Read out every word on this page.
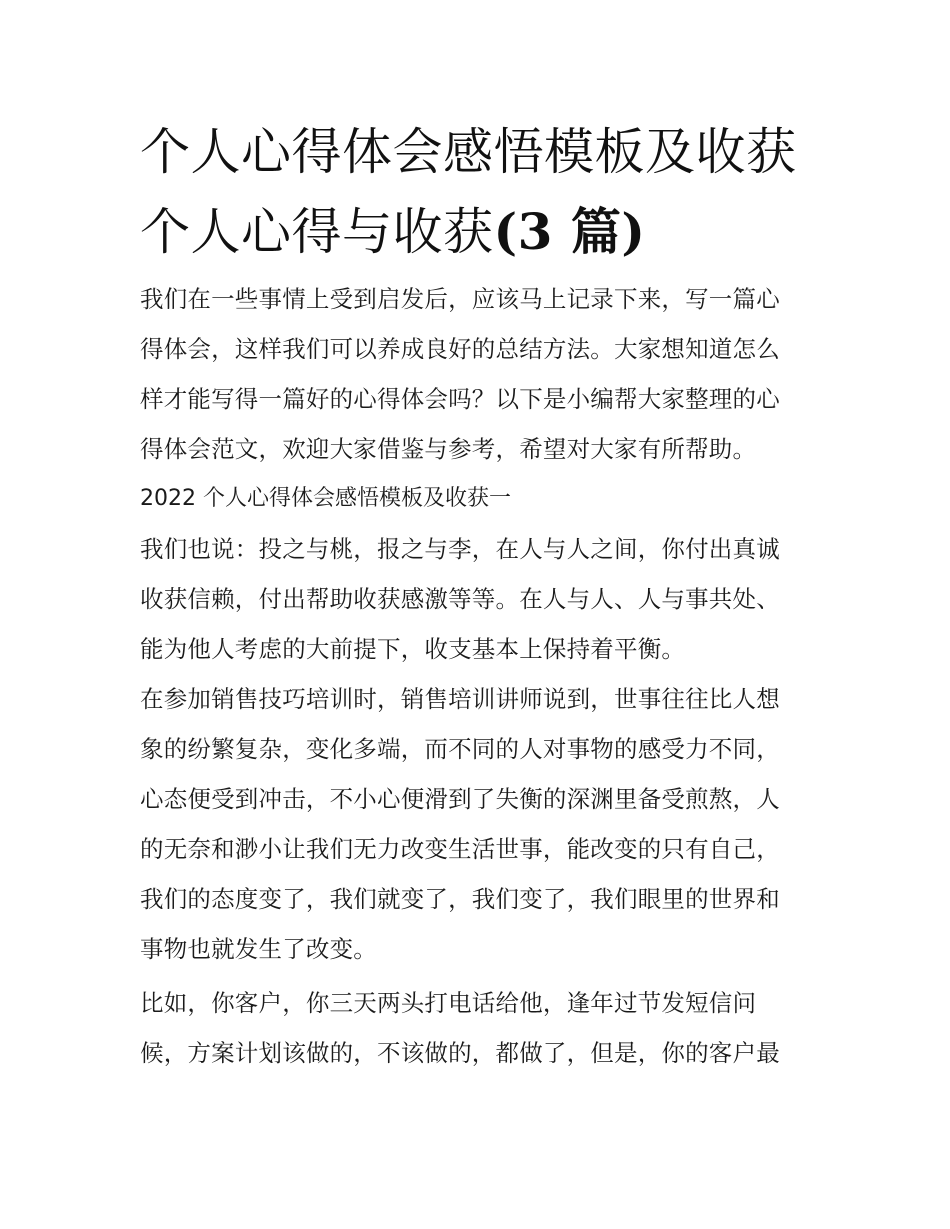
个人心得体会感悟模板及收获
个人心得与收获(3 篇)

我们在一些事情上受到启发后，应该马上记录下来，写一篇心
得体会，这样我们可以养成良好的总结方法。大家想知道怎么
样才能写得一篇好的心得体会吗？以下是小编帮大家整理的心
得体会范文，欢迎大家借鉴与参考，希望对大家有所帮助。

2022 个人心得体会感悟模板及收获一

我们也说：投之与桃，报之与李，在人与人之间，你付出真诚
收获信赖，付出帮助收获感激等等。在人与人、人与事共处、
能为他人考虑的大前提下，收支基本上保持着平衡。

在参加销售技巧培训时，销售培训讲师说到，世事往往比人想
象的纷繁复杂，变化多端，而不同的人对事物的感受力不同，
心态便受到冲击，不小心便滑到了失衡的深渊里备受煎熬，人
的无奈和渺小让我们无力改变生活世事，能改变的只有自己，
我们的态度变了，我们就变了，我们变了，我们眼里的世界和
事物也就发生了改变。

比如，你客户，你三天两头打电话给他，逢年过节发短信问
候，方案计划该做的，不该做的，都做了，但是，你的客户最
